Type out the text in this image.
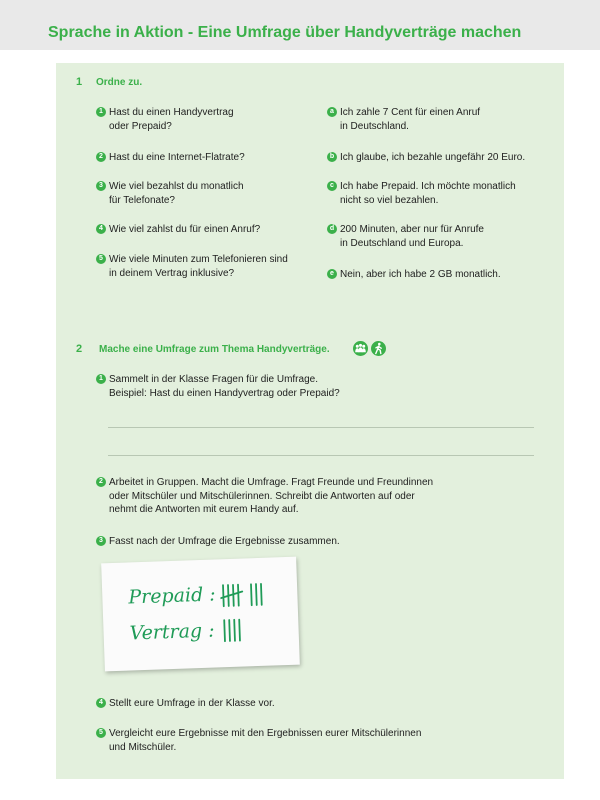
Sprache in Aktion - Eine Umfrage über Handyverträge machen
1 Ordne zu.
1 Hast du einen Handyvertrag
oder Prepaid?
2 Hast du eine Internet-Flatrate?
3 Wie viel bezahlst du monatlich
für Telefonate?
4 Wie viel zahlst du für einen Anruf?
5 Wie viele Minuten zum Telefonieren sind
in deinem Vertrag inklusive?
a Ich zahle 7 Cent für einen Anruf
in Deutschland.
b Ich glaube, ich bezahle ungefähr 20 Euro.
c Ich habe Prepaid. Ich möchte monatlich
nicht so viel bezahlen.
d 200 Minuten, aber nur für Anrufe
in Deutschland und Europa.
e Nein, aber ich habe 2 GB monatlich.
2 Mache eine Umfrage zum Thema Handyverträge.
1 Sammelt in der Klasse Fragen für die Umfrage.
Beispiel: Hast du einen Handyvertrag oder Prepaid?
2 Arbeitet in Gruppen. Macht die Umfrage. Fragt Freunde und Freundinnen
oder Mitschüler und Mitschülerinnen. Schreibt die Antworten auf oder
nehmt die Antworten mit eurem Handy auf.
3 Fasst nach der Umfrage die Ergebnisse zusammen.
Prepaid :
Vertrag :
4 Stellt eure Umfrage in der Klasse vor.
5 Vergleicht eure Ergebnisse mit den Ergebnissen eurer Mitschülerinnen
und Mitschüler.
